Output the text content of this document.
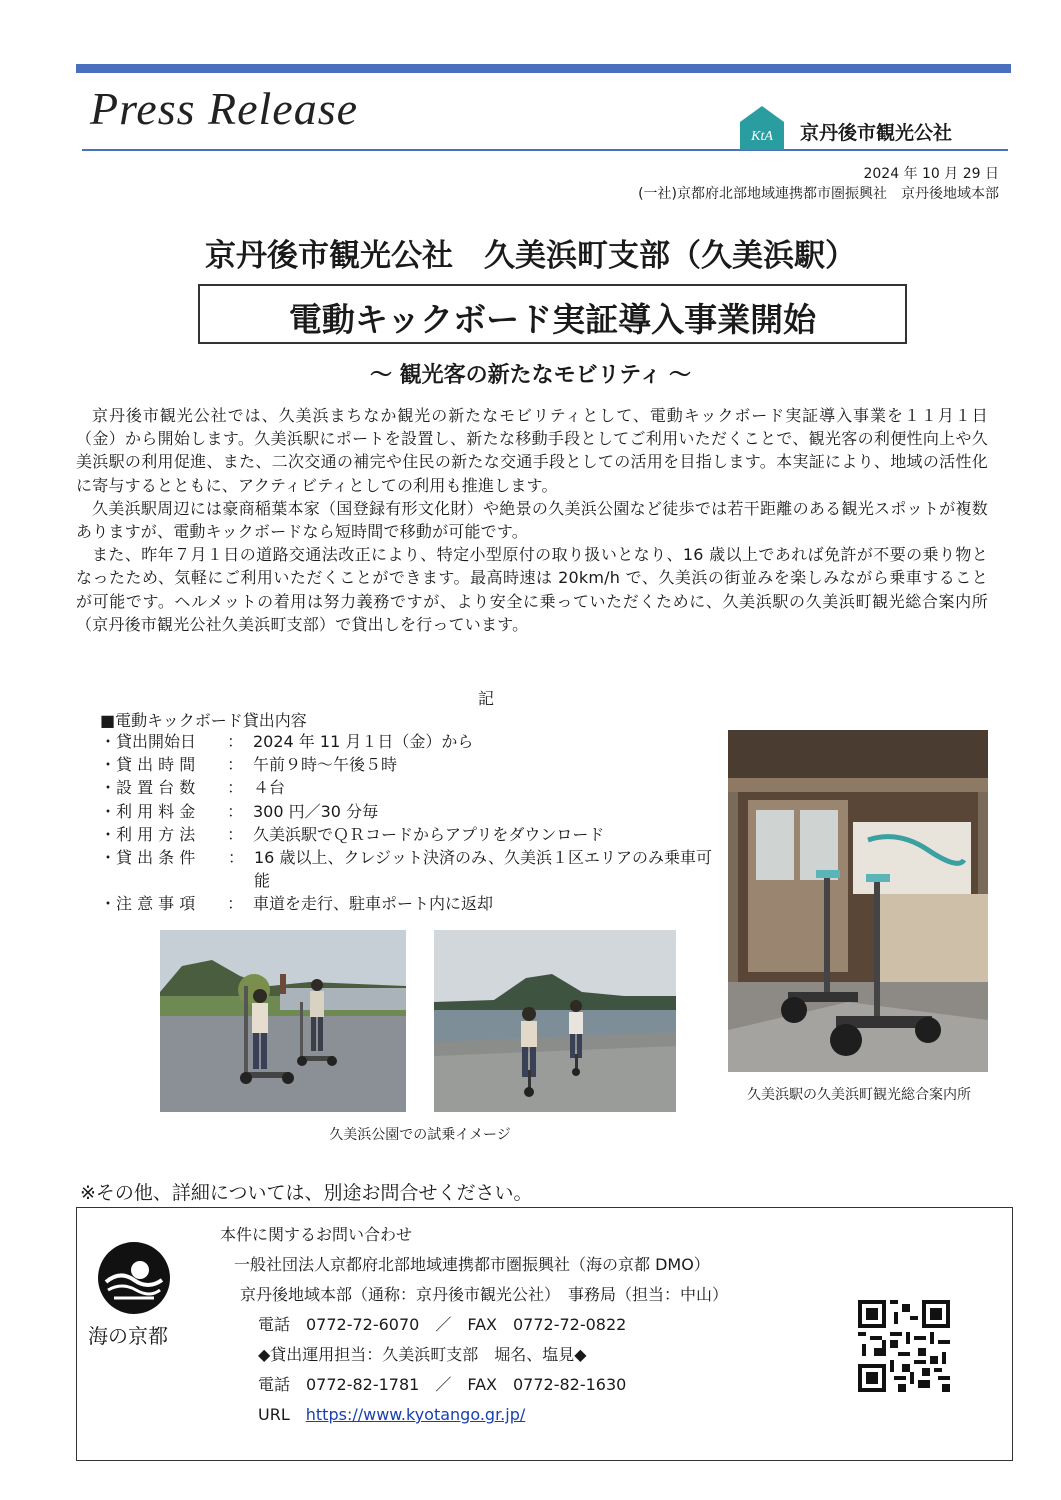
Press Release
KtA 京丹後市観光公社
2024 年 10 月 29 日
(一社)京都府北部地域連携都市圏振興社　京丹後地域本部
京丹後市観光公社　久美浜町支部（久美浜駅）
電動キックボード実証導入事業開始
～ 観光客の新たなモビリティ ～

京丹後市観光公社では、久美浜まちなか観光の新たなモビリティとして、電動キックボード実証導入事業を１１月１日（金）から開始します。久美浜駅にポートを設置し、新たな移動手段としてご利用いただくことで、観光客の利便性向上や久美浜駅の利用促進、また、二次交通の補完や住民の新たな交通手段としての活用を目指します。本実証により、地域の活性化に寄与するとともに、アクティビティとしての利用も推進します。

久美浜駅周辺には豪商稲葉本家（国登録有形文化財）や絶景の久美浜公園など徒歩では若干距離のある観光スポットが複数ありますが、電動キックボードなら短時間で移動が可能です。

また、昨年７月１日の道路交通法改正により、特定小型原付の取り扱いとなり、16 歳以上であれば免許が不要の乗り物となったため、気軽にご利用いただくことができます。最高時速は 20km/h で、久美浜の街並みを楽しみながら乗車することが可能です。ヘルメットの着用は努力義務ですが、より安全に乗っていただくために、久美浜駅の久美浜町観光総合案内所（京丹後市観光公社久美浜町支部）で貸出しを行っています。

記
■電動キックボード貸出内容
・貸出開始日	： 2024 年 11 月１日（金）から
・貸 出 時 間	： 午前９時～午後５時
・設 置 台 数	： ４台
・利 用 料 金	： 300 円／30 分毎
・利 用 方 法	： 久美浜駅でＱＲコードからアプリをダウンロード
・貸 出 条 件	： 16 歳以上、クレジット決済のみ、久美浜１区エリアのみ乗車可能
・注 意 事 項	： 車道を走行、駐車ポート内に返却
久美浜公園での試乗イメージ
久美浜駅の久美浜町観光総合案内所
※その他、詳細については、別途お問合せください。
海の京都
本件に関するお問い合わせ
一般社団法人京都府北部地域連携都市圏振興社（海の京都 DMO）
京丹後地域本部（通称：京丹後市観光公社）　事務局（担当：中山）
電話　0772-72-6070　／　FAX　0772-72-0822
◆貸出運用担当：久美浜町支部　堀名、塩見◆
電話　0772-82-1781　／　FAX　0772-82-1630
URL　 https://www.kyotango.gr.jp/
